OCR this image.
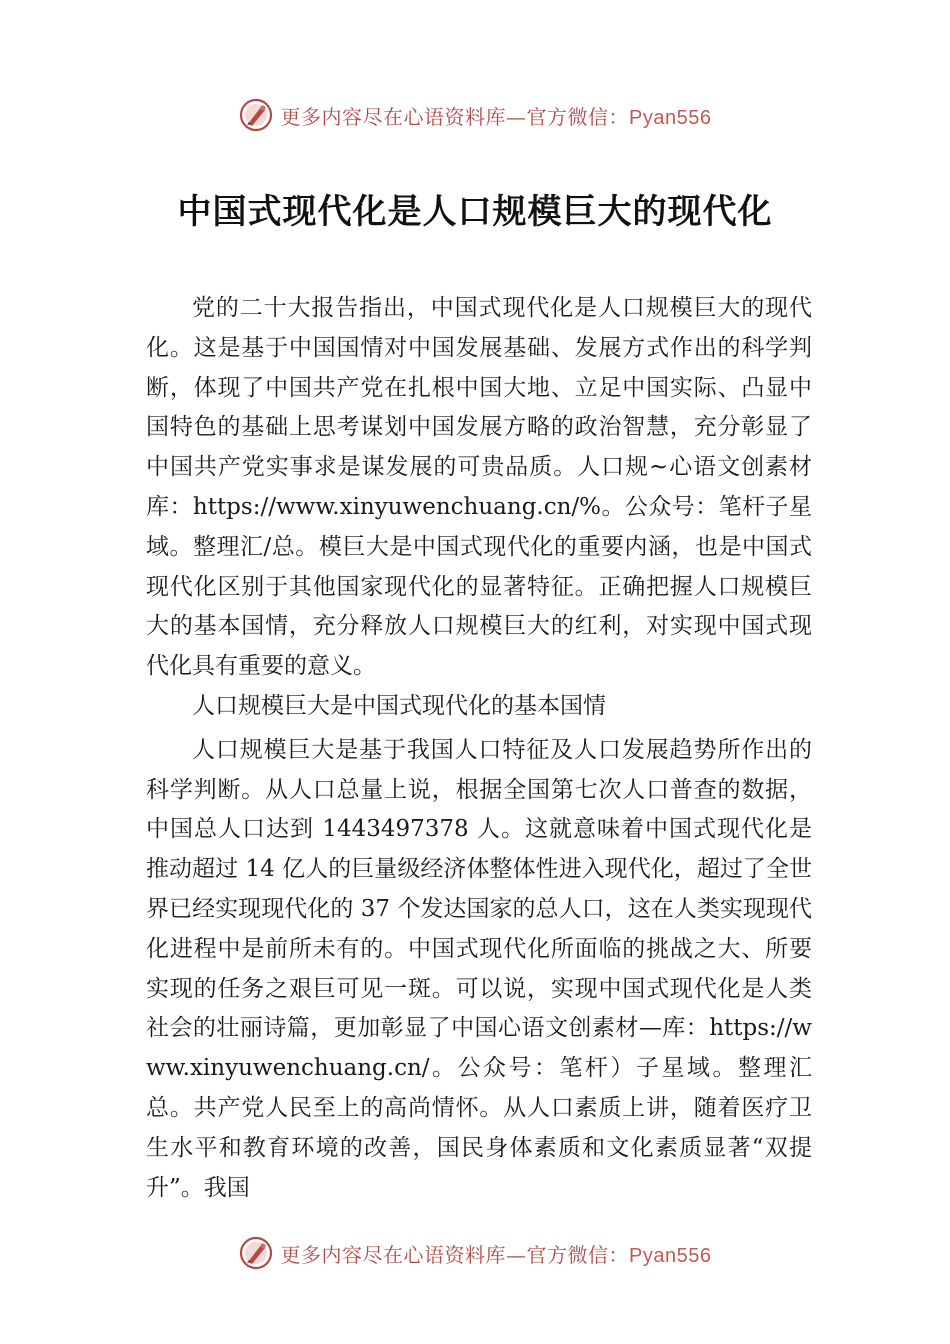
更多内容尽在心语资料库—官方微信：Pyan556
中国式现代化是人口规模巨大的现代化

党的二十大报告指出，中国式现代化是人口规模巨大的现代化。这是基于中国国情对中国发展基础、发展方式作出的科学判断，体现了中国共产党在扎根中国大地、立足中国实际、凸显中国特色的基础上思考谋划中国发展方略的政治智慧，充分彰显了中国共产党实事求是谋发展的可贵品质。人口规~心语文创素材库：https://www.xinyuwenchuang.cn/%。公众号：笔杆子星域。整理汇/总。模巨大是中国式现代化的重要内涵，也是中国式现代化区别于其他国家现代化的显著特征。正确把握人口规模巨大的基本国情，充分释放人口规模巨大的红利，对实现中国式现代化具有重要的意义。

人口规模巨大是中国式现代化的基本国情

人口规模巨大是基于我国人口特征及人口发展趋势所作出的科学判断。从人口总量上说，根据全国第七次人口普查的数据，中国总人口达到 1443497378 人。这就意味着中国式现代化是推动超过 14 亿人的巨量级经济体整体性进入现代化，超过了全世界已经实现现代化的 37 个发达国家的总人口，这在人类实现现代化进程中是前所未有的。中国式现代化所面临的挑战之大、所要实现的任务之艰巨可见一斑。可以说，实现中国式现代化是人类社会的壮丽诗篇，更加彰显了中国心语文创素材—库：https://www.xinyuwenchuang.cn/。公众号：笔杆）子星域。整理汇总。共产党人民至上的高尚情怀。从人口素质上讲，随着医疗卫生水平和教育环境的改善，国民身体素质和文化素质显著“双提升”。我国

更多内容尽在心语资料库—官方微信：Pyan556
